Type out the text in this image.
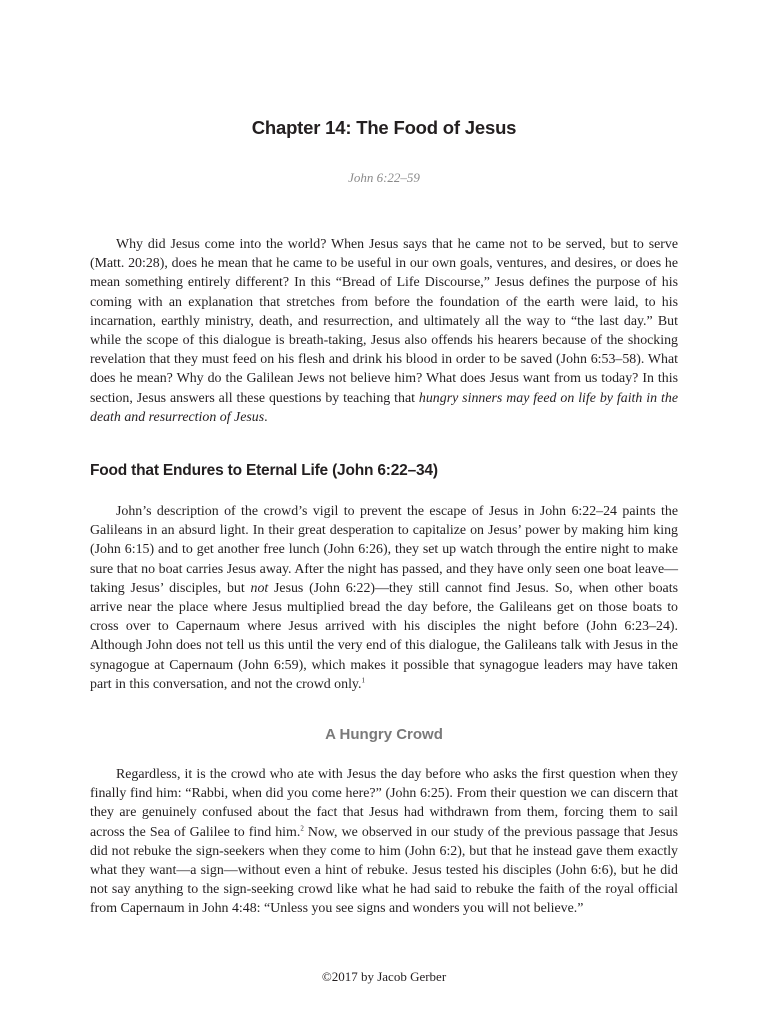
Chapter 14: The Food of Jesus

John 6:22–59

Why did Jesus come into the world? When Jesus says that he came not to be served, but to serve (Matt. 20:28), does he mean that he came to be useful in our own goals, ventures, and desires, or does he mean something entirely different? In this “Bread of Life Discourse,” Jesus defines the purpose of his coming with an explanation that stretches from before the foundation of the earth were laid, to his incarnation, earthly ministry, death, and resurrection, and ultimately all the way to “the last day.” But while the scope of this dialogue is breath-taking, Jesus also offends his hearers because of the shocking revelation that they must feed on his flesh and drink his blood in order to be saved (John 6:53–58). What does he mean? Why do the Galilean Jews not believe him? What does Jesus want from us today? In this section, Jesus answers all these questions by teaching that hungry sinners may feed on life by faith in the death and resurrection of Jesus.

Food that Endures to Eternal Life (John 6:22–34)

John’s description of the crowd’s vigil to prevent the escape of Jesus in John 6:22–24 paints the Galileans in an absurd light. In their great desperation to capitalize on Jesus’ power by making him king (John 6:15) and to get another free lunch (John 6:26), they set up watch through the entire night to make sure that no boat carries Jesus away. After the night has passed, and they have only seen one boat leave—taking Jesus’ disciples, but not Jesus (John 6:22)—they still cannot find Jesus. So, when other boats arrive near the place where Jesus multiplied bread the day before, the Galileans get on those boats to cross over to Capernaum where Jesus arrived with his disciples the night before (John 6:23–24). Although John does not tell us this until the very end of this dialogue, the Galileans talk with Jesus in the synagogue at Capernaum (John 6:59), which makes it possible that synagogue leaders may have taken part in this conversation, and not the crowd only.$^1$

A Hungry Crowd

Regardless, it is the crowd who ate with Jesus the day before who asks the first question when they finally find him: “Rabbi, when did you come here?” (John 6:25). From their question we can discern that they are genuinely confused about the fact that Jesus had withdrawn from them, forcing them to sail across the Sea of Galilee to find him.$^2$ Now, we observed in our study of the previous passage that Jesus did not rebuke the sign-seekers when they come to him (John 6:2), but that he instead gave them exactly what they want—a sign—without even a hint of rebuke. Jesus tested his disciples (John 6:6), but he did not say anything to the sign-seeking crowd like what he had said to rebuke the faith of the royal official from Capernaum in John 4:48: “Unless you see signs and wonders you will not believe.”

©2017 by Jacob Gerber
